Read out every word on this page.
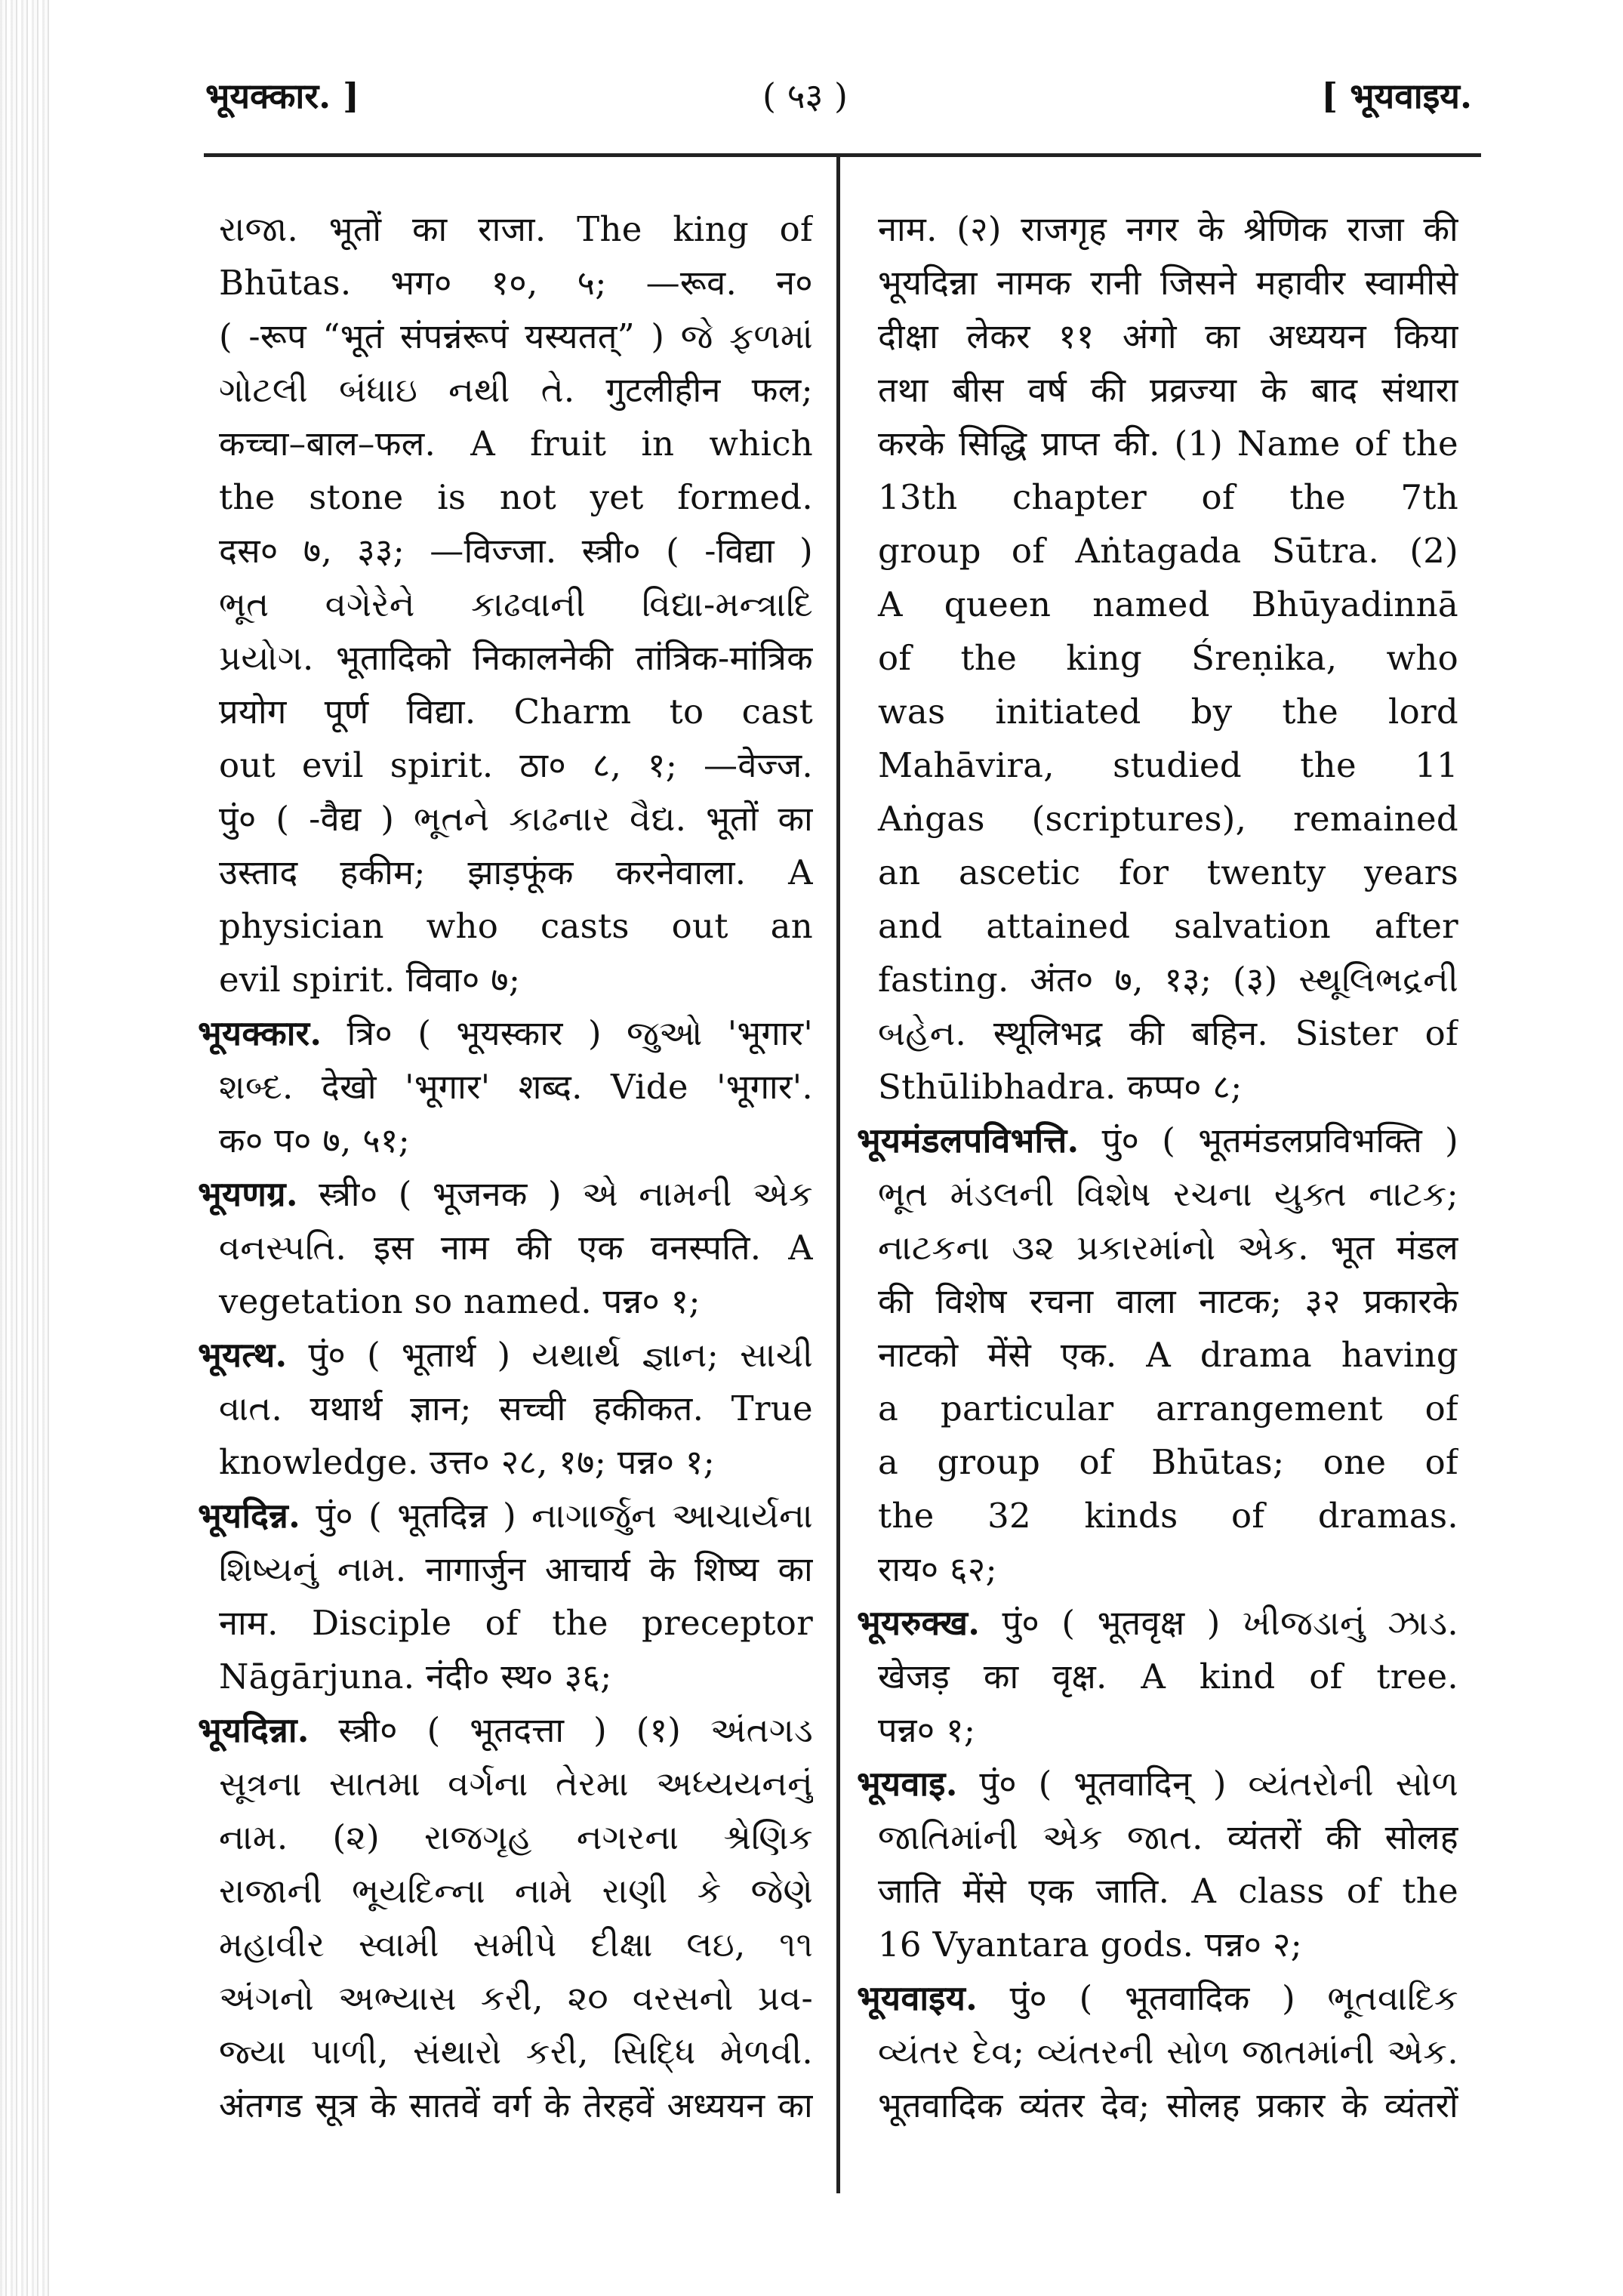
भूयक्कार. ]	( ५३ )	[ भूयवाइय.
રાજા. भूतों का राजा. The king of
Bhūtas. भग० १०, ५; —रूव. न०
( -रूप “भूतं संपन्नंरूपं यस्यतत्” ) જે ફળમાં
ગોટલી બંધાઇ નથી તે. गुटलीहीन फल;
कच्चा–बाल–फल. A fruit in which
the stone is not yet formed.
दस० ७, ३३; —विज्जा. स्त्री० ( -विद्या )
ભૂત વગેરેને કાઢવાની વિદ્યા-મન્ત્રાદિ
પ્રયોગ. भूतादिको निकालनेकी तांत्रिक-मांत्रिक
प्रयोग पूर्ण विद्या. Charm to cast
out evil spirit. ठा० ८, १; —वेज्ज.
पुं० ( -वैद्य ) ભૂતને કાઢનાર વૈદ્ય. भूतों का
उस्ताद हकीम; झाड़फूंक करनेवाला. A
physician who casts out an
evil spirit. विवा० ७;
भूयक्कार. त्रि० ( भूयस्कार ) જુઓ 'भूगार'
શબ્દ. देखो 'भूगार' शब्द. Vide 'भूगार'.
क० प० ७, ५१;
भूयणग्र. स्त्री० ( भूजनक ) એ નામની એક
વનસ્પતિ. इस नाम की एक वनस्पति. A
vegetation so named. पन्न० १;
भूयत्थ. पुं० ( भूतार्थ ) યથાર્થ જ્ઞાન; સાચી
વાત. यथार्थ ज्ञान; सच्ची हकीकत. True
knowledge. उत्त० २८, १७; पन्न० १;
भूयदिन्न. पुं० ( भूतदिन्न ) નાગાર્જુન આચાર્યના
શિષ્યનું નામ. नागार्जुन आचार्य के शिष्य का
नाम. Disciple of the preceptor
Nāgārjuna. नंदी० स्थ० ३६;
भूयदिन्ना. स्त्री० ( भूतदत्ता ) (१) અંતગડ
સૂત્રના સાતમા વર્ગના તેરમા અધ્યયનનું
નામ. (૨) રાજગૃહ નગરના શ્રેણિક
રાજાની ભૂયદિન્ના નામે રાણી કે જેણે
મહાવીર સ્વામી સમીપે દીક્ષા લઇ, ૧૧
અંગનો અભ્યાસ કરી, ૨૦ વરસનો પ્રવ-
જ્યા પાળી, સંથારો કરી, સિદ્ધિ મેળવી.
अंतगड सूत्र के सातवें वर्ग के तेरहवें अध्ययन का
नाम. (२) राजगृह नगर के श्रेणिक राजा की
भूयदिन्ना नामक रानी जिसने महावीर स्वामीसे
दीक्षा लेकर ११ अंगो का अध्ययन किया
तथा बीस वर्ष की प्रव्रज्या के बाद संथारा
करके सिद्धि प्राप्त की. (1) Name of the
13th chapter of the 7th
group of Aṅtagada Sūtra. (2)
A queen named Bhūyadinnā
of the king Śreṇika, who
was initiated by the lord
Mahāvira, studied the 11
Aṅgas (scriptures), remained
an ascetic for twenty years
and attained salvation after
fasting. अंत० ७, १३; (३) સ્થૂલિભદ્રની
બહેન. स्थूलिभद्र की बहिन. Sister of
Sthūlibhadra. कप्प० ८;
भूयमंडलपविभत्ति. पुं० ( भूतमंडलप्रविभक्ति )
ભૂત મંડલની વિશેષ રચના યુક્ત નાટક;
નાટકના ૩૨ પ્રકારમાંનો એક. भूत मंडल
की विशेष रचना वाला नाटक; ३२ प्रकारके
नाटको मेंसे एक. A drama having
a particular arrangement of
a group of Bhūtas; one of
the 32 kinds of dramas.
राय० ६२;
भूयरुक्ख. पुं० ( भूतवृक्ष ) ખીજડાનું ઝાડ.
खेजड़ का वृक्ष. A kind of tree.
पन्न० १;
भूयवाइ. पुं० ( भूतवादिन् ) વ્યંતરોની સોળ
જાતિમાંની એક જાત. व्यंतरों की सोलह
जाति मेंसे एक जाति. A class of the
16 Vyantara gods. पन्न० २;
भूयवाइय. पुं० ( भूतवादिक ) ભૂતવાદિક
વ્યંતર દેવ; વ્યંતરની સોળ જાતમાંની એક.
भूतवादिक व्यंतर देव; सोलह प्रकार के व्यंतरों
